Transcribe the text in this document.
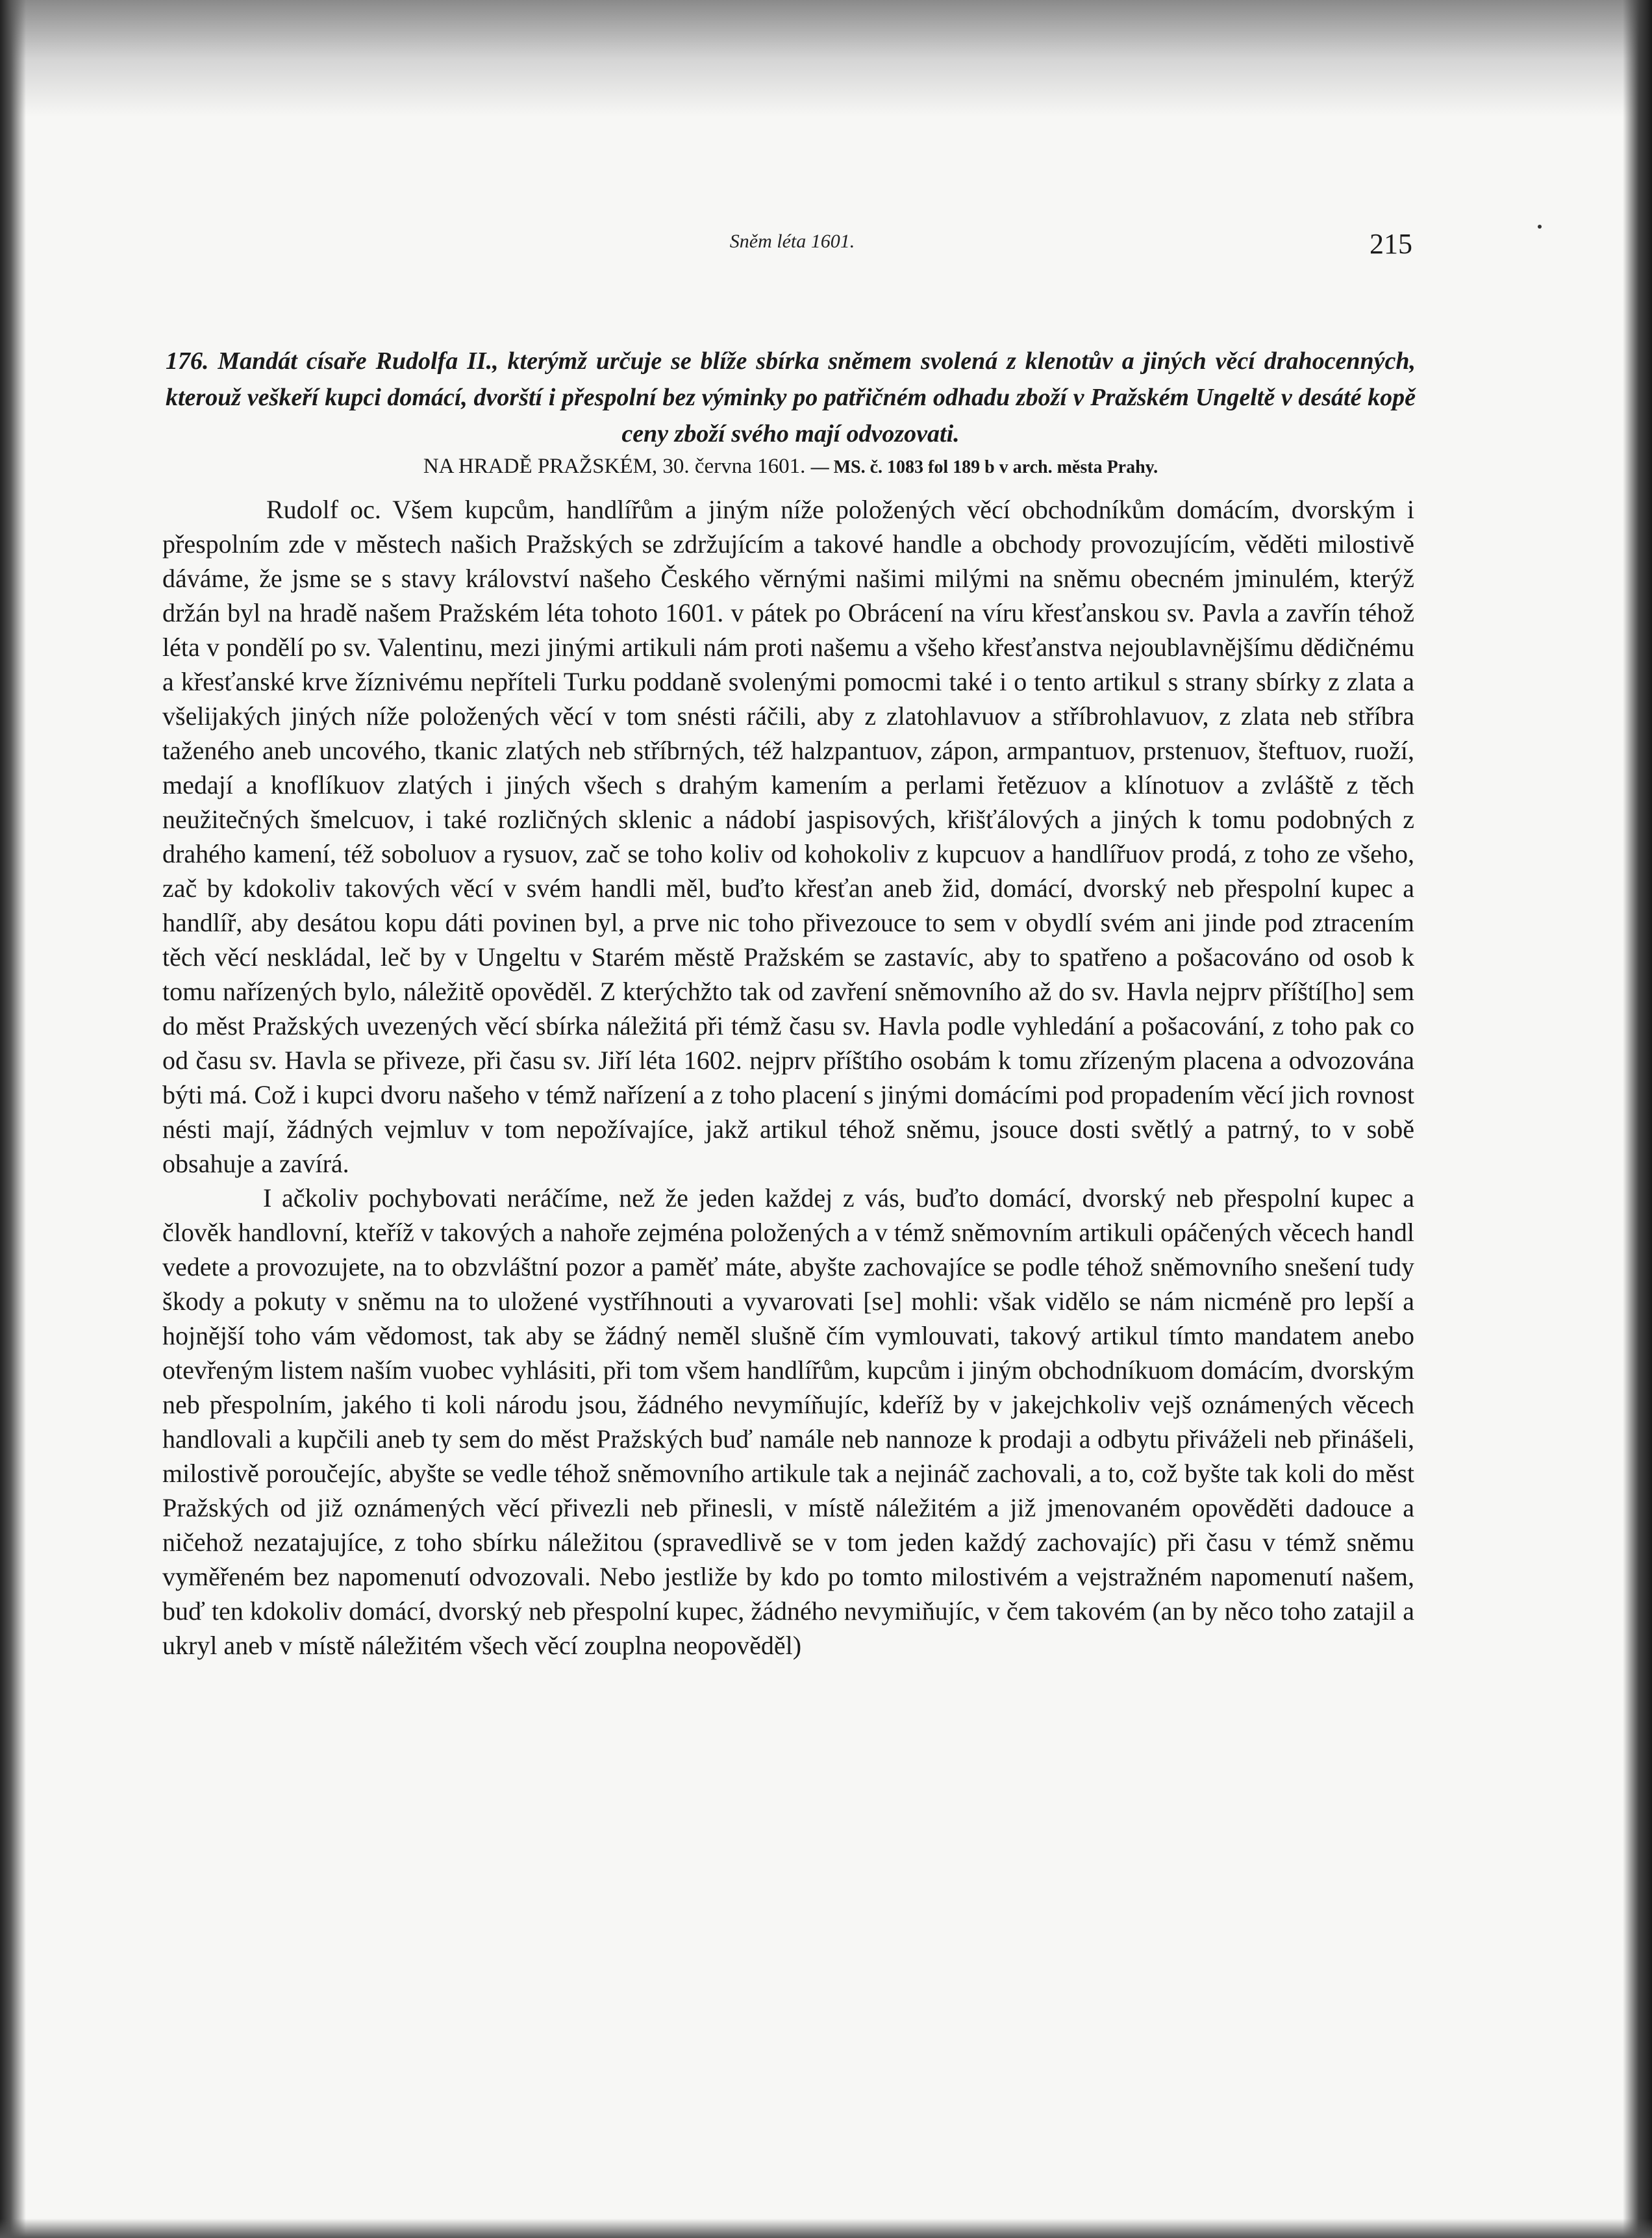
Sněm léta 1601.	215
176. Mandát císaře Rudolfa II., kterýmž určuje se blíže sbírka sněmem svolená z klenotův a jiných věcí drahocenných, kterouž veškeří kupci domácí, dvorští i přespolní bez výminky po patřičném odhadu zboží v Pražském Ungeltě v desáté kopě ceny zboží svého mají odvozovati.
NA HRADĚ PRAŽSKÉM, 30. června 1601. — MS. č. 1083 fol 189 b v arch. města Prahy.

Rudolf oc. Všem kupcům, handlířům a jiným níže položených věcí obchodníkům domácím, dvorským i přespolním zde v městech našich Pražských se zdržujícím a takové handle a obchody provozujícím, věděti milostivě dáváme, že jsme se s stavy království našeho Českého věrnými našimi milými na sněmu obecném jminulém, kterýž držán byl na hradě našem Pražském léta tohoto 1601. v pátek po Obrácení na víru křesťanskou sv. Pavla a zavřín téhož léta v pondělí po sv. Valentinu, mezi jinými artikuli nám proti našemu a všeho křesťanstva nejoublavnějšímu dědičnému a křesťanské krve žíznivému nepříteli Turku poddaně svolenými pomocmi také i o tento artikul s strany sbírky z zlata a všelijakých jiných níže položených věcí v tom snésti ráčili, aby z zlatohlavuov a stříbrohlavuov, z zlata neb stříbra taženého aneb uncového, tkanic zlatých neb stříbrných, též halzpantuov, zápon, armpantuov, prstenuov, šteftuov, ruoží, medají a knoflíkuov zlatých i jiných všech s drahým kamením a perlami řetězuov a klínotuov a zvláště z těch neužitečných šmelcuov, i také rozličných sklenic a nádobí jaspisových, křišťálových a jiných k tomu podobných z drahého kamení, též soboluov a rysuov, zač se toho koliv od kohokoliv z kupcuov a handlířuov prodá, z toho ze všeho, zač by kdokoliv takových věcí v svém handli měl, buďto křesťan aneb žid, domácí, dvorský neb přespolní kupec a handlíř, aby desátou kopu dáti povinen byl, a prve nic toho přivezouce to sem v obydlí svém ani jinde pod ztracením těch věcí neskládal, leč by v Ungeltu v Starém městě Pražském se zastavíc, aby to spatřeno a pošacováno od osob k tomu nařízených bylo, náležitě opověděl. Z kterýchžto tak od zavření sněmovního až do sv. Havla nejprv příští[ho] sem do měst Pražských uvezených věcí sbírka náležitá při témž času sv. Havla podle vyhledání a pošacování, z toho pak co od času sv. Havla se přiveze, při času sv. Jiří léta 1602. nejprv příštího osobám k tomu zřízeným placena a odvozována býti má. Což i kupci dvoru našeho v témž nařízení a z toho placení s jinými domácími pod propadením věcí jich rovnost nésti mají, žádných vejmluv v tom nepožívajíce, jakž artikul téhož sněmu, jsouce dosti světlý a patrný, to v sobě obsahuje a zavírá.

I ačkoliv pochybovati neráčíme, než že jeden každej z vás, buďto domácí, dvorský neb přespolní kupec a člověk handlovní, kteříž v takových a nahoře zejména položených a v témž sněmovním artikuli opáčených věcech handl vedete a provozujete, na to obzvláštní pozor a paměť máte, abyšte zachovajíce se podle téhož sněmovního snešení tudy škody a pokuty v sněmu na to uložené vystříhnouti a vyvarovati [se] mohli: však vidělo se nám nicméně pro lepší a hojnější toho vám vědomost, tak aby se žádný neměl slušně čím vymlouvati, takový artikul tímto mandatem anebo otevřeným listem naším vuobec vyhlásiti, při tom všem handlířům, kupcům i jiným obchodníkuom domácím, dvorským neb přespolním, jakého ti koli národu jsou, žádného nevymíňujíc, kdeříž by v jakejchkoliv vejš oznámených věcech handlovali a kupčili aneb ty sem do měst Pražských buď namále neb nannoze k prodaji a odbytu přiváželi neb přinášeli, milostivě poroučejíc, abyšte se vedle téhož sněmovního artikule tak a nejináč zachovali, a to, což byšte tak koli do měst Pražských od již oznámených věcí přivezli neb přinesli, v místě náležitém a již jmenovaném opověděti dadouce a ničehož nezatajujíce, z toho sbírku náležitou (spravedlivě se v tom jeden každý zachovajíc) při času v témž sněmu vyměřeném bez napomenutí odvozovali. Nebo jestliže by kdo po tomto milostivém a vejstražném napomenutí našem, buď ten kdokoliv domácí, dvorský neb přespolní kupec, žádného nevymiňujíc, v čem takovém (an by něco toho zatajil a ukryl aneb v místě náležitém všech věcí zouplna neopověděl)
